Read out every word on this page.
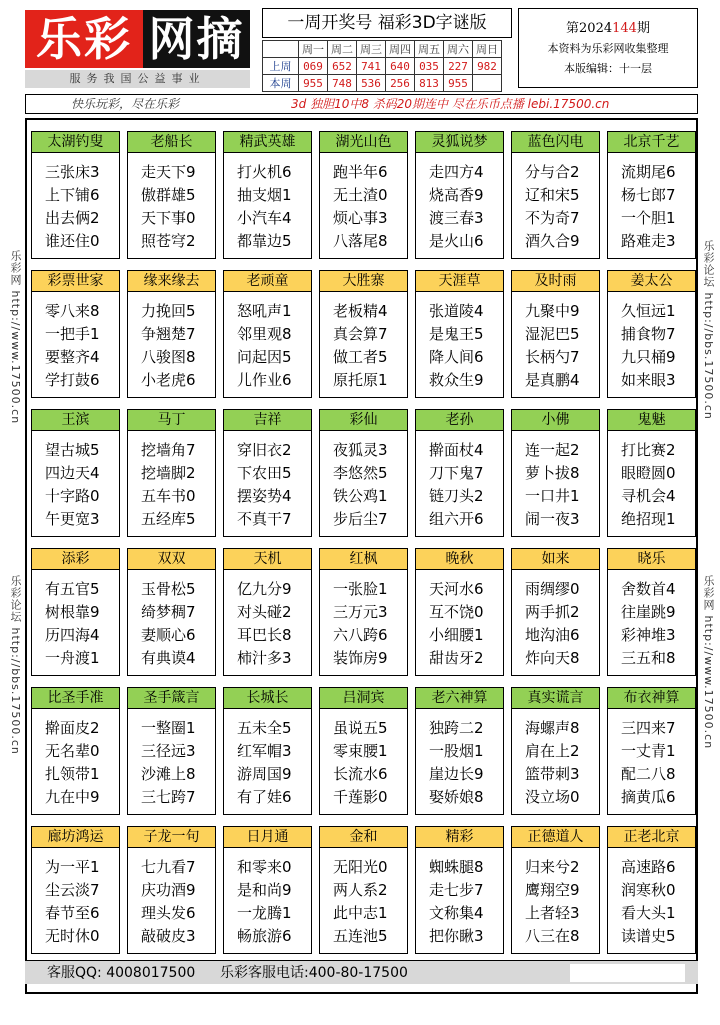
乐彩 网摘
服务我国公益事业
一周开奖号 福彩3D字谜版
	周一	周二	周三	周四	周五	周六	周日
上周	069	652	741	640	035	227	982
本周	955	748	536	256	813	955	
第2024144期
本资料为乐彩网收集整理
本版编辑：十一层
快乐玩彩，尽在乐彩	3d 独胆10中8 杀码20期连中 尽在乐币点播 lebi.17500.cn
乐彩网 http://www.17500.cn
乐彩论坛 http://bbs.17500.cn
乐彩论坛 http://bbs.17500.cn
乐彩网 http://www.17500.cn
太湖钓叟
三张床3
上下铺6
出去俩2
谁还住0
老船长
走天下9
傲群雄5
天下事0
照苍穹2
精武英雄
打火机6
抽支烟1
小汽车4
都靠边5
湖光山色
跑半年6
无土渣0
烦心事3
八落尾8
灵狐说梦
走四方4
烧高香9
渡三春3
是火山6
蓝色闪电
分与合2
辽和宋5
不为奇7
酒久合9
北京千艺
流期尾6
杨七郎7
一个胆1
路难走3
彩票世家
零八来8
一把手1
要整齐4
学打鼓6
缘来缘去
力挽回5
争翘楚7
八骏图8
小老虎6
老顽童
怒吼声1
邻里观8
问起因5
儿作业6
大胜寨
老板精4
真会算7
做工者5
原托原1
天涯草
张道陵4
是鬼王5
降人间6
救众生9
及时雨
九聚中9
湿泥巴5
长柄勺7
是真鹏4
姜太公
久恒远1
捕食物7
九只桶9
如来眼3
王滨
望古城5
四边天4
十字路0
午更宽3
马丁
挖墙角7
挖墙脚2
五车书0
五经库5
吉祥
穿旧衣2
下农田5
摆姿势4
不真干7
彩仙
夜狐灵3
李悠然5
铁公鸡1
步后尘7
老孙
擀面杖4
刀下鬼7
链刀头2
组六开6
小佛
连一起2
萝卜拔8
一口井1
闹一夜3
鬼魅
打比赛2
眼瞪圆0
寻机会4
绝招现1
添彩
有五官5
树根靠9
历四海4
一舟渡1
双双
玉骨松5
绮梦稠7
妻顺心6
有典谟4
天机
亿九分9
对头碰2
耳巴长8
柿汁多3
红枫
一张脸1
三万元3
六八跨6
装饰房9
晚秋
天河水6
互不饶0
小细腰1
甜齿牙2
如来
雨绸缪0
两手抓2
地沟油6
炸向天8
晓乐
舍数首4
往崖跳9
彩神堆3
三五和8
比圣手准
擀面皮2
无名辈0
扎领带1
九在中9
圣手箴言
一整圈1
三径远3
沙滩上8
三七跨7
长城长
五未全5
红军帽3
游周国9
有了娃6
吕洞宾
虽说五5
零束腰1
长流水6
千莲影0
老六神算
独跨二2
一股烟1
崖边长9
娶娇娘8
真实谎言
海螺声8
肩在上2
篮带刺3
没立场0
布衣神算
三四来7
一丈青1
配二八8
摘黄瓜6
廊坊鸿运
为一平1
尘云淡7
春节至6
无时休0
子龙一句
七九看7
庆功酒9
理头发6
敲破皮3
日月通
和零来0
是和尚9
一龙腾1
畅旅游6
金和
无阳光0
两人系2
此中志1
五连池5
精彩
蜘蛛腿8
走七步7
文称集4
把你瞅3
正德道人
归来兮2
鹰翔空9
上者轻3
八三在8
正老北京
高速路6
润寒秋0
看大头1
读谱史5
客服QQ: 4008017500 乐彩客服电话:400-80-17500
